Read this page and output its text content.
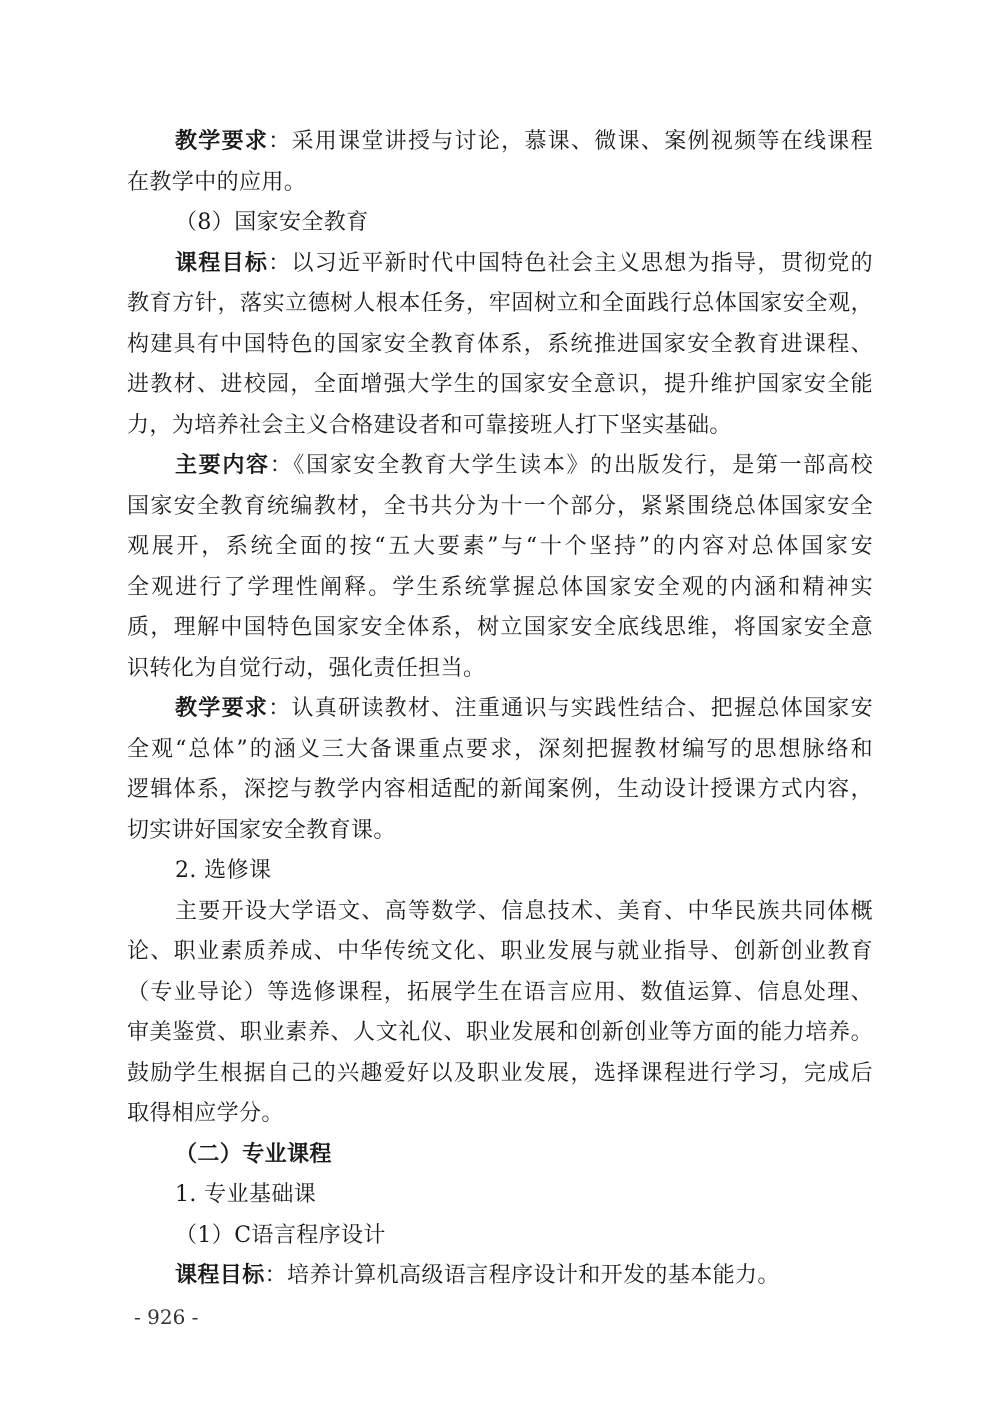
教学要求：采用课堂讲授与讨论，慕课、微课、案例视频等在线课程
在教学中的应用。
（8）国家安全教育
课程目标：以习近平新时代中国特色社会主义思想为指导，贯彻党的
教育方针，落实立德树人根本任务，牢固树立和全面践行总体国家安全观，
构建具有中国特色的国家安全教育体系，系统推进国家安全教育进课程、
进教材、进校园，全面增强大学生的国家安全意识，提升维护国家安全能
力，为培养社会主义合格建设者和可靠接班人打下坚实基础。
主要内容：《国家安全教育大学生读本》的出版发行，是第一部高校
国家安全教育统编教材，全书共分为十一个部分，紧紧围绕总体国家安全
观展开，系统全面的按“五大要素”与“十个坚持”的内容对总体国家安
全观进行了学理性阐释。学生系统掌握总体国家安全观的内涵和精神实
质，理解中国特色国家安全体系，树立国家安全底线思维，将国家安全意
识转化为自觉行动，强化责任担当。
教学要求：认真研读教材、注重通识与实践性结合、把握总体国家安
全观“总体”的涵义三大备课重点要求，深刻把握教材编写的思想脉络和
逻辑体系，深挖与教学内容相适配的新闻案例，生动设计授课方式内容，
切实讲好国家安全教育课。
2. 选修课
主要开设大学语文、高等数学、信息技术、美育、中华民族共同体概
论、职业素质养成、中华传统文化、职业发展与就业指导、创新创业教育
（专业导论）等选修课程，拓展学生在语言应用、数值运算、信息处理、
审美鉴赏、职业素养、人文礼仪、职业发展和创新创业等方面的能力培养。
鼓励学生根据自己的兴趣爱好以及职业发展，选择课程进行学习，完成后
取得相应学分。
（二）专业课程
1. 专业基础课
（1）C语言程序设计
课程目标：培养计算机高级语言程序设计和开发的基本能力。
- 926 -
